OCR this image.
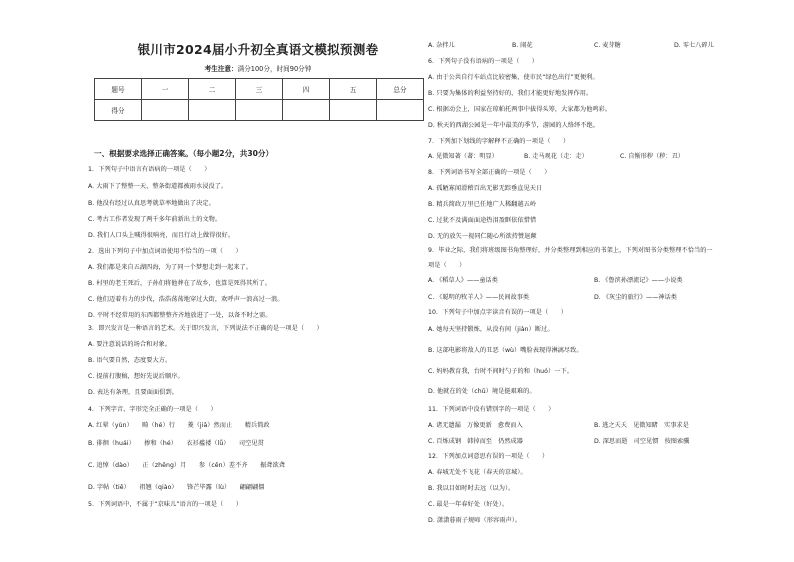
银川市2024届小升初全真语文模拟预测卷
考生注意：满分100分，时间90分钟
题号	一	二	三	四	五	总分
得分						
一、根据要求选择正确答案。（每小题2分，共30分）
1．下列句子中语言有语病的一项是（　　）
A. 大雨下了整整一天，整条街道都被雨水浸没了。
B. 他没有经过认真思考就草率地做出了决定。
C. 考古工作者发现了两千多年前新出土的文物。
D. 我们人口头上喊得很响亮，而且行动上做得很好。
2．选出下列句子中加点词语使用不恰当的一项（　　）
A. 我们都是来自五湖四海，为了同一个梦想走到一起来了。
B. 村里的老王死后，子孙们将他葬在了故乡，也算是死得其所了。
C. 他们迈着有力的步伐，浩浩荡荡地穿过大街，欢呼声一浪高过一浪。
D. 平时不经常用的东西都整整齐齐地放进了一处，以备不时之需。
3．即兴发言是一种语言的艺术。关于即兴发言，下列说法不正确的是一项是（　　）
A. 要注意说话的场合和对象。
B. 语气要自然，态度要大方。
C. 提前打腹稿，想好先说后顺序。
D. 表达有条理，且要面面俱到。
4．下列字音、字形完全正确的一项是（　　）
A. 红晕（yùn）　　畸（hé）行　　菱（jiā）然而止　　精兵简政
B. 徘徊（huái）　　掺和（hé）　　衣衫褴褛（lǚ）　　司空见贯
C. 追悼（dào）　　正（zhēng）月　　参（cēn）差不齐　　振聋欲聋
D. 字帖（tiē）　　祖翘（qiào）　　锋芒毕露（lù）　　翩翩翩僵
5．下列词语中，不属于“京味儿”语言的一项是（　　）
A. 杂拌儿	B. 闹花	C. 麦芽糖	D. 零七八碎儿
6．下列句子没有语病的一项是（　　）
A. 由于公共自行车站点比较密集，使市民“绿色出行”更便利。
B. 只要为集体的利益坚持好的，我们才能更好地发挥作用。
C. 根据动会上，国家在琼帕托两事中拔得头筹，大家都为他鸣彩。
D. 秋天的西湖公园是一年中最美的季节，游园的人络绎不绝。
7．下列加下划线的字解释不正确的一项是（　　）
A. 见微知著（著：明显）	B. 走马观花（走：走）	C. 自惭形秽（秽：丑）
8．下列词语书写全部正确的一项是（　　）
A. 孤陋寡闻滑稽百出无影无踪垂直见天日
B. 精兵简政万里已任地广人稀翻越五岭
C. 过犹不及满面面途热泪盈眶依依惜惜
D. 无的放矢一视同仁随心所欲持赞退颠
9．毕业之际，我们将班级图书角整理好，并分类整理到相应的书架上，下列对图书分类整理不恰当的一
项是（　　）
A. 《稻草人》——童话类	B. 《鲁滨孙漂流记》——小说类
C. 《聪明的牧羊人》——民间故事类	D. 《灰尘的旅行》——神话类
10．下列句子中加点字读音有误的一项是（　　）
A. 她每天坚持锻炼，从没有间（jiàn）断过。
B. 这部电影将敌人的丑恶（wù）嘴脸表现得淋漓尽致。
C. 妈妈教育我，台时不间时勺子的和（huó）一下。
D. 他就在的处（chǔ）境是挺艰难的。
11．下列词语中没有错别字的一项是（　　）
A. 诸无遗漏　万像更新　愈费而入	B. 逃之夭夭　见微知睹　实事求是
C. 百炼成钢　韩掉而至　仍然成器	D. 深思而逝　司空见惯　按图索骥
12．下列加点词意思有误的一项是（　　）
A. 春城无处不飞花（春天的京城）。
B. 我以目如时时去远（以为）。
C. 最是一年春好处（好处）。
D. 潇潇暮雨子规啼（形容雨声）。
